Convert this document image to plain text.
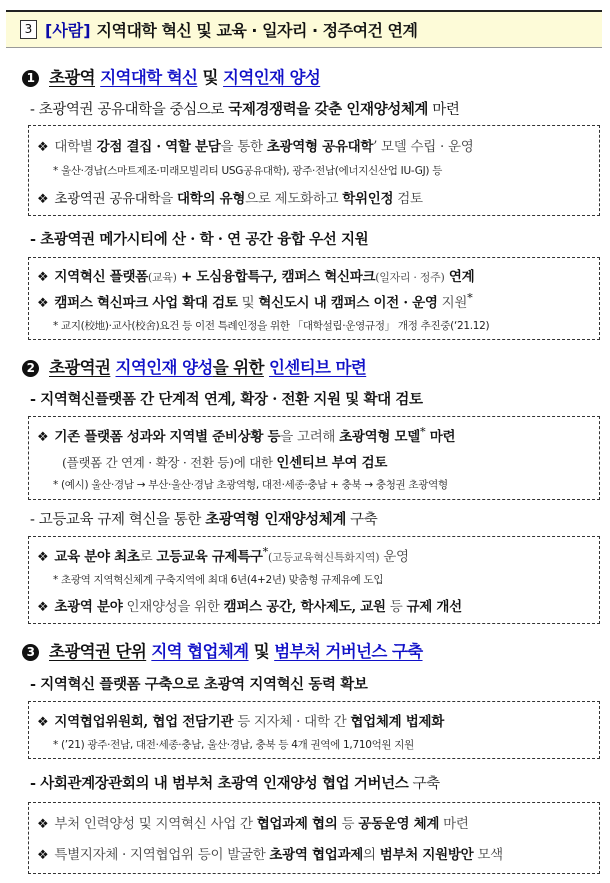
3 [사람] 지역대학 혁신 및 교육 · 일자리 · 정주여건 연계
1 초광역 지역대학 혁신 및 지역인재 양성
- 초광역권 공유대학을 중심으로 국제경쟁력을 갖춘 인재양성체계 마련
❖ 대학별 강점 결집 · 역할 분담을 통한 초광역형 공유대학’ 모델 수립 · 운영
* 울산·경남(스마트제조·미래모빌리티 USG공유대학), 광주·전남(에너지신산업 IU-GJ) 등
❖ 초광역권 공유대학을 대학의 유형으로 제도화하고 학위인정 검토
- 초광역권 메가시티에 산 · 학 · 연 공간 융합 우선 지원
❖ 지역혁신 플랫폼(교육) + 도심융합특구, 캠퍼스 혁신파크(일자리 · 정주) 연계
❖ 캠퍼스 혁신파크 사업 확대 검토 및 혁신도시 내 캠퍼스 이전 · 운영 지원*
* 교지(校地)·교사(校舍)요건 등 이전 특례인정을 위한 「대학설립·운영규정」 개정 추진중(‘21.12)
2 초광역권 지역인재 양성을 위한 인센티브 마련
- 지역혁신플랫폼 간 단계적 연계, 확장 · 전환 지원 및 확대 검토
❖ 기존 플랫폼 성과와 지역별 준비상황 등을 고려해 초광역형 모델* 마련
(플랫폼 간 연계 · 확장 · 전환 등)에 대한 인센티브 부여 검토
* (예시) 울산·경남 → 부산·울산·경남 초광역형, 대전·세종·충남 + 충북 → 충청권 초광역형
- 고등교육 규제 혁신을 통한 초광역형 인재양성체계 구축
❖ 교육 분야 최초로 고등교육 규제특구*(고등교육혁신특화지역) 운영
* 초광역 지역혁신체계 구축지역에 최대 6년(4+2년) 맞춤형 규제유예 도입
❖ 초광역 분야 인재양성을 위한 캠퍼스 공간, 학사제도, 교원 등 규제 개선
3 초광역권 단위 지역 협업체계 및 범부처 거버넌스 구축
- 지역혁신 플랫폼 구축으로 초광역 지역혁신 동력 확보
❖ 지역협업위원회, 협업 전담기관 등 지자체 · 대학 간 협업체계 법제화
* (’21) 광주·전남, 대전·세종·충남, 울산·경남, 충북 등 4개 권역에 1,710억원 지원
- 사회관계장관회의 내 범부처 초광역 인재양성 협업 거버넌스 구축
❖ 부처 인력양성 및 지역혁신 사업 간 협업과제 협의 등 공동운영 체계 마련
❖ 특별지자체 · 지역협업위 등이 발굴한 초광역 협업과제의 범부처 지원방안 모색
